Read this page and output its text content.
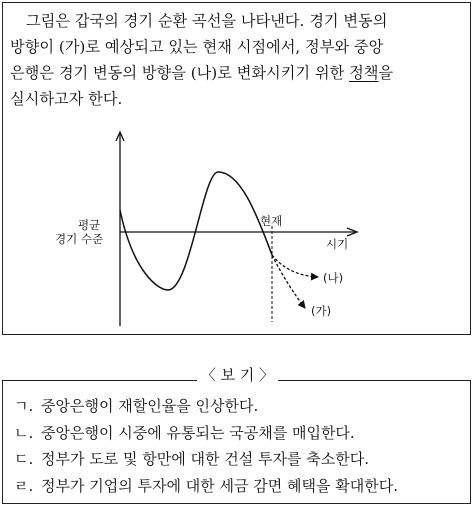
그림은 갑국의 경기 순환 곡선을 나타낸다. 경기 변동의
방향이 (가)로 예상되고 있는 현재 시점에서, 정부와 중앙
은행은 경기 변동의 방향을 (나)로 변화시키기 위한 정책을
실시하고자 한다.

평균
경기 수준
현재
시기
(나)
(가)
〈 보 기 〉
ㄱ. 중앙은행이 재할인율을 인상한다.
ㄴ. 중앙은행이 시중에 유통되는 국공채를 매입한다.
ㄷ. 정부가 도로 및 항만에 대한 건설 투자를 축소한다.
ㄹ. 정부가 기업의 투자에 대한 세금 감면 혜택을 확대한다.
